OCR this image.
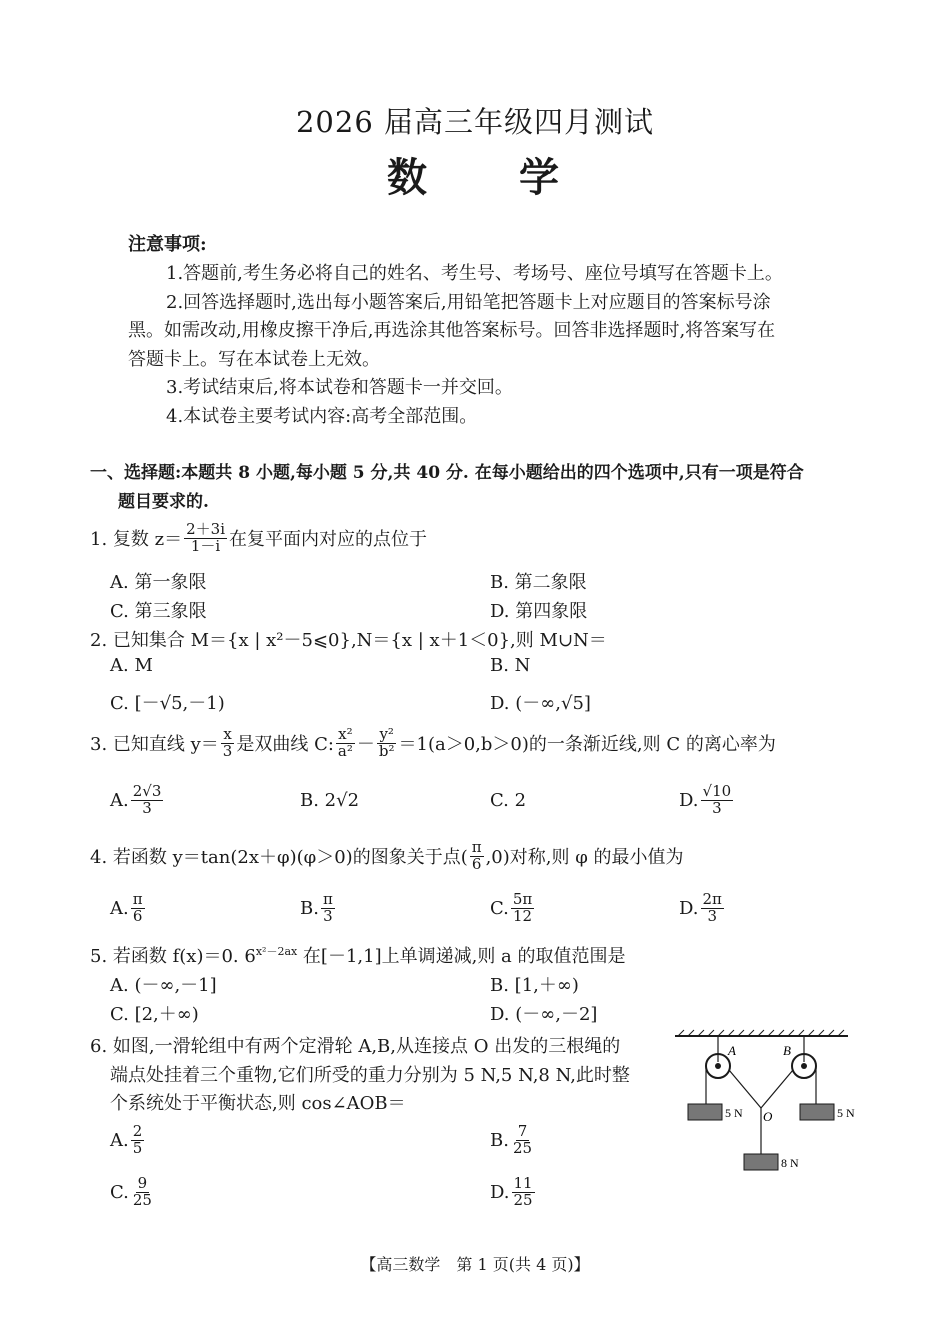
2026 届高三年级四月测试
数　　学
注意事项:
1.答题前,考生务必将自己的姓名、考生号、考场号、座位号填写在答题卡上。
2.回答选择题时,选出每小题答案后,用铅笔把答题卡上对应题目的答案标号涂
黑。如需改动,用橡皮擦干净后,再选涂其他答案标号。回答非选择题时,将答案写在
答题卡上。写在本试卷上无效。
3.考试结束后,将本试卷和答题卡一并交回。
4.本试卷主要考试内容:高考全部范围。
一、选择题:本题共 8 小题,每小题 5 分,共 40 分. 在每小题给出的四个选项中,只有一项是符合
题目要求的.
1. 复数 $z= \frac{2+3i}{1-i}$ 在复平面内对应的点位于
A. 第一象限	B. 第二象限
C. 第三象限	D. 第四象限
2. 已知集合 M＝{x | x²－5⩽0},N＝{x | x＋1＜0},则 M∪N＝
A. M	B. N
C. [－√5,－1)	D. (－∞,√5]
3. 已知直线 $y= \frac{x}{3}$ 是双曲线 C: $\frac{\text{x²}}{\text{a²}} - \frac{\text{y²}}{\text{b²}} =1(a>0,b>0)$的一条渐近线,则 C 的离心率为
A. $\frac{2√3}{3}$	B. 2√2	C. 2	D. $\frac{√10}{3}$
4. 若函数 y＝tan(2x＋φ)(φ＞0)的图象关于点( $\frac{\pi}{6} ,0$)对称,则 φ 的最小值为
A. $\frac{\pi}{6}$	B. $\frac{\pi}{3}$	C. $\frac{5\pi}{12}$	D. $\frac{2\pi}{3}$
5. 若函数 f(x)＝0. $6^{x^2-2ax}$ 在[－1,1]上单调递减,则 a 的取值范围是
A. (－∞,－1]	B. [1,＋∞)
C. [2,＋∞)	D. (－∞,－2]
6. 如图,一滑轮组中有两个定滑轮 A,B,从连接点 O 出发的三根绳的
端点处挂着三个重物,它们所受的重力分别为 5 N,5 N,8 N,此时整
个系统处于平衡状态,则 cos∠AOB＝
A. $\frac{2}{5}$	B. $\frac{7}{25}$
C. $\frac{9}{25}$	D. $\frac{11}{25}$
A	B
O
5 N	5 N
8 N
【高三数学　第 1 页(共 4 页)】
